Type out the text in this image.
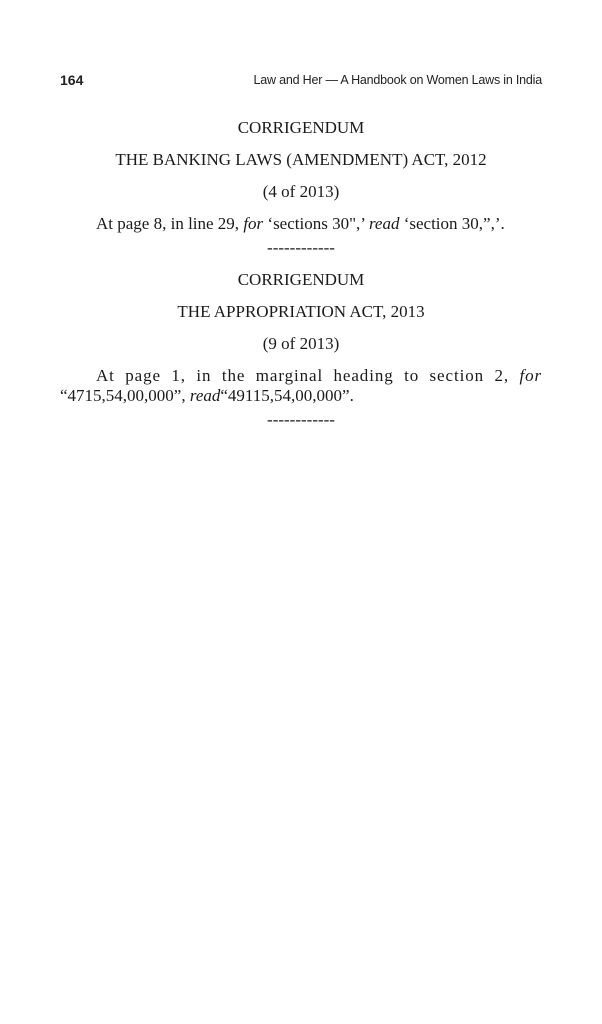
164	Law and Her — A Handbook on Women Laws in India

CORRIGENDUM

THE BANKING LAWS (AMENDMENT) ACT, 2012

(4 of 2013)

At page 8, in line 29, for ‘sections 30",’ read ‘section 30,”,’.

------------

CORRIGENDUM

THE APPROPRIATION ACT, 2013

(9 of 2013)

At page 1, in the marginal heading to section 2, for “4715,54,00,000”, read“49115,54,00,000”.

------------
